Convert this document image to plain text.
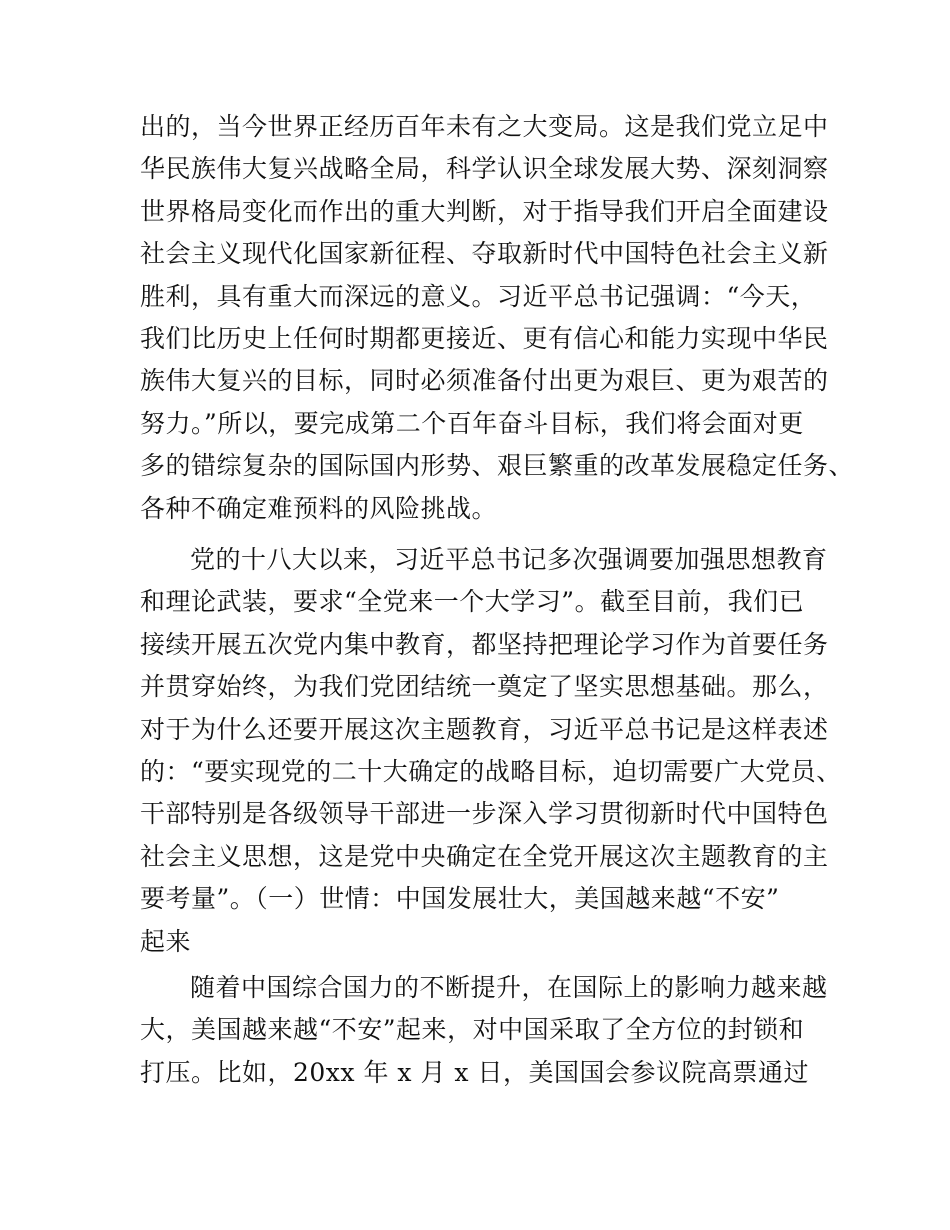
出的，当今世界正经历百年未有之大变局。这是我们党立足中
华民族伟大复兴战略全局，科学认识全球发展大势、深刻洞察
世界格局变化而作出的重大判断，对于指导我们开启全面建设
社会主义现代化国家新征程、夺取新时代中国特色社会主义新
胜利，具有重大而深远的意义。习近平总书记强调：“今天，
我们比历史上任何时期都更接近、更有信心和能力实现中华民
族伟大复兴的目标，同时必须准备付出更为艰巨、更为艰苦的
努力。”所以，要完成第二个百年奋斗目标，我们将会面对更
多的错综复杂的国际国内形势、艰巨繁重的改革发展稳定任务、
各种不确定难预料的风险挑战。
党的十八大以来，习近平总书记多次强调要加强思想教育
和理论武装，要求“全党来一个大学习”。截至目前，我们已
接续开展五次党内集中教育，都坚持把理论学习作为首要任务
并贯穿始终，为我们党团结统一奠定了坚实思想基础。那么，
对于为什么还要开展这次主题教育，习近平总书记是这样表述
的：“要实现党的二十大确定的战略目标，迫切需要广大党员、
干部特别是各级领导干部进一步深入学习贯彻新时代中国特色
社会主义思想，这是党中央确定在全党开展这次主题教育的主
要考量”。（一）世情：中国发展壮大，美国越来越“不安”
起来
随着中国综合国力的不断提升，在国际上的影响力越来越
大，美国越来越“不安”起来，对中国采取了全方位的封锁和
打压。比如，20xx 年 x 月 x 日，美国国会参议院高票通过
